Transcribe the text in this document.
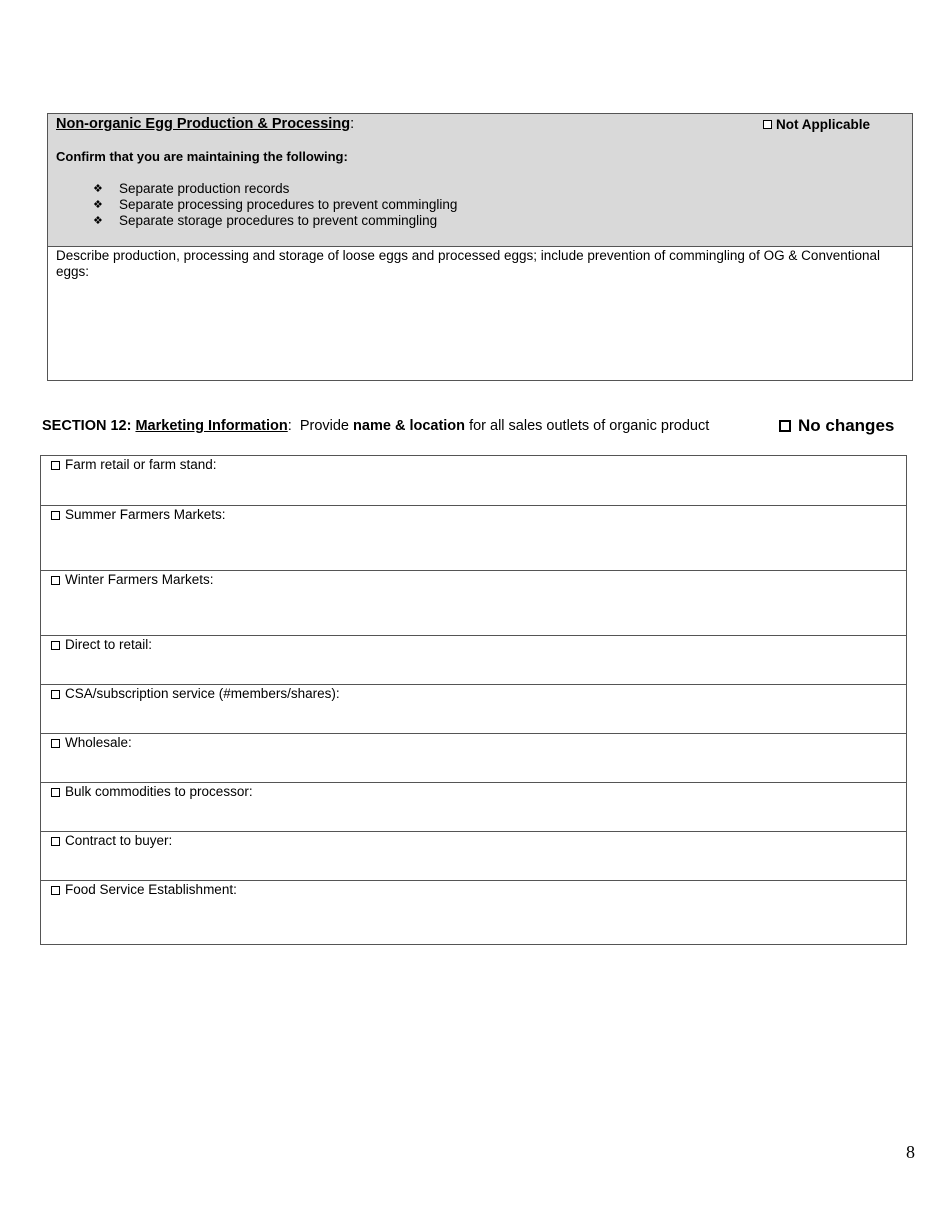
Non-organic Egg Production & Processing:	Not Applicable
Confirm that you are maintaining the following:
❖	Separate production records
❖	Separate processing procedures to prevent commingling
❖	Separate storage procedures to prevent commingling
Describe production, processing and storage of loose eggs and processed eggs; include prevention of commingling of OG & Conventional eggs:
SECTION 12:
Marketing Information :
Provide
name & location
for all sales outlets of organic product	No changes
Farm retail or farm stand:
Summer Farmers Markets:
Winter Farmers Markets:
Direct to retail:
CSA/subscription service (#members/shares):
Wholesale:
Bulk commodities to processor:
Contract to buyer:
Food Service Establishment:
8
